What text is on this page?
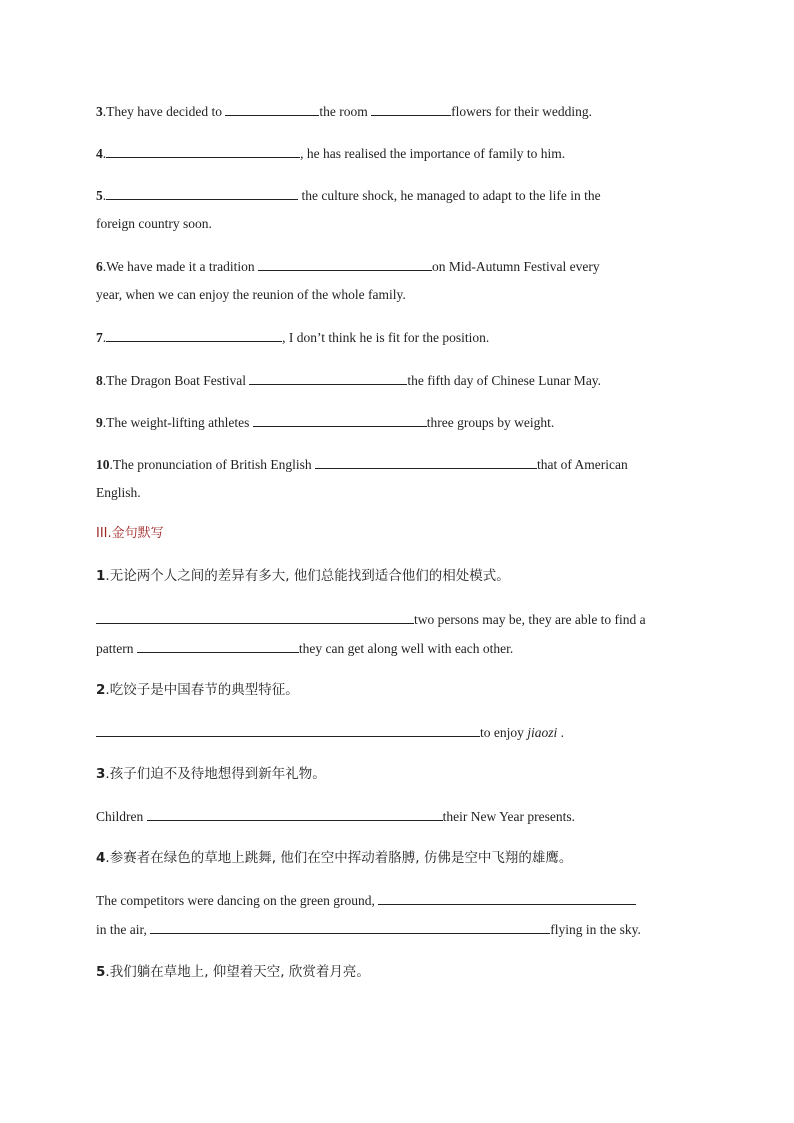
3.They have decided to	the room	flowers for their wedding.
4.	, he has realised the importance of family to him.
5.	the culture shock, he managed to adapt to the life in the
foreign country soon.
6.We have made it a tradition	on Mid-Autumn Festival every
year, when we can enjoy the reunion of the whole family.
7.	, I don’t think he is fit for the position.
8.The Dragon Boat Festival	the fifth day of Chinese Lunar May.
9.The weight-lifting athletes	three groups by weight.
10.The pronunciation of British English	that of American
English.
III.金句默写
1.无论两个人之间的差异有多大, 他们总能找到适合他们的相处模式。
two persons may be, they are able to find a
pattern	they can get along well with each other.
2.吃饺子是中国春节的典型特征。
to enjoy jiaozi .
3.孩子们迫不及待地想得到新年礼物。
Children	their New Year presents.
4.参赛者在绿色的草地上跳舞, 他们在空中挥动着胳膊, 仿佛是空中飞翔的雄鹰。
The competitors were dancing on the green ground,
in the air,	flying in the sky.
5.我们躺在草地上, 仰望着天空, 欣赏着月亮。
